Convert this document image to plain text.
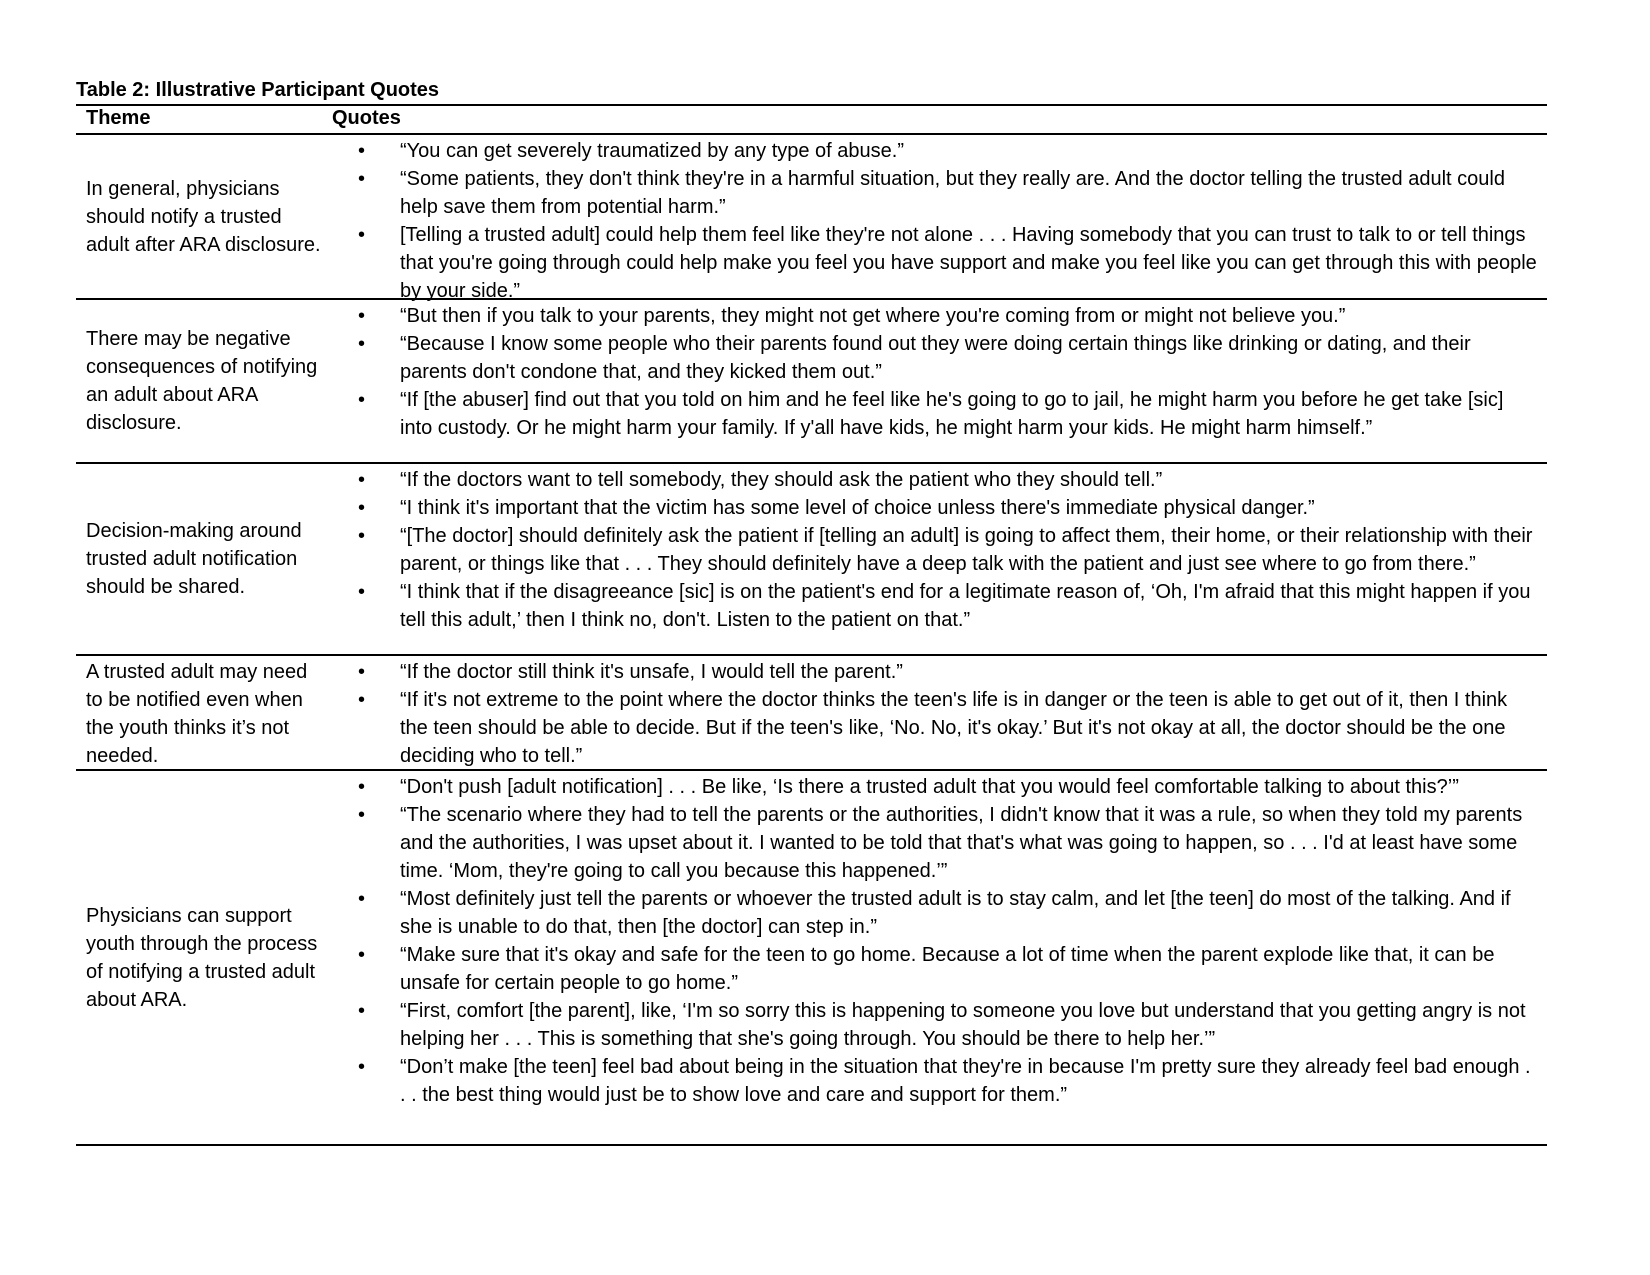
Table 2: Illustrative Participant Quotes
Theme	Quotes
In general, physicians should notify a trusted adult after ARA disclosure.
• “You can get severely traumatized by any type of abuse.”
• “Some patients, they don't think they're in a harmful situation, but they really are. And the doctor telling the trusted adult could help save them from potential harm.”
• [Telling a trusted adult] could help them feel like they're not alone . . . Having somebody that you can trust to talk to or tell things that you're going through could help make you feel you have support and make you feel like you can get through this with people by your side.”
There may be negative consequences of notifying an adult about ARA disclosure.
• “But then if you talk to your parents, they might not get where you're coming from or might not believe you.”
• “Because I know some people who their parents found out they were doing certain things like drinking or dating, and their parents don't condone that, and they kicked them out.”
• “If [the abuser] find out that you told on him and he feel like he's going to go to jail, he might harm you before he get take [sic] into custody. Or he might harm your family. If y'all have kids, he might harm your kids. He might harm himself.”
Decision-making around trusted adult notification should be shared.
• “If the doctors want to tell somebody, they should ask the patient who they should tell.”
• “I think it's important that the victim has some level of choice unless there's immediate physical danger.”
• “[The doctor] should definitely ask the patient if [telling an adult] is going to affect them, their home, or their relationship with their parent, or things like that . . . They should definitely have a deep talk with the patient and just see where to go from there.”
• “I think that if the disagreeance [sic] is on the patient's end for a legitimate reason of, ‘Oh, I'm afraid that this might happen if you tell this adult,’ then I think no, don't. Listen to the patient on that.”
A trusted adult may need to be notified even when the youth thinks it’s not needed.
• “If the doctor still think it's unsafe, I would tell the parent.”
• “If it's not extreme to the point where the doctor thinks the teen's life is in danger or the teen is able to get out of it, then I think the teen should be able to decide. But if the teen's like, ‘No. No, it's okay.’ But it's not okay at all, the doctor should be the one deciding who to tell.”
Physicians can support youth through the process of notifying a trusted adult about ARA.
• “Don't push [adult notification] . . . Be like, ‘Is there a trusted adult that you would feel comfortable talking to about this?’”
• “The scenario where they had to tell the parents or the authorities, I didn't know that it was a rule, so when they told my parents and the authorities, I was upset about it. I wanted to be told that that's what was going to happen, so . . . I'd at least have some time. ‘Mom, they're going to call you because this happened.’”
• “Most definitely just tell the parents or whoever the trusted adult is to stay calm, and let [the teen] do most of the talking. And if she is unable to do that, then [the doctor] can step in.”
• “Make sure that it's okay and safe for the teen to go home. Because a lot of time when the parent explode like that, it can be unsafe for certain people to go home.”
• “First, comfort [the parent], like, ‘I'm so sorry this is happening to someone you love but understand that you getting angry is not helping her . . . This is something that she's going through. You should be there to help her.’”
• “Don’t make [the teen] feel bad about being in the situation that they're in because I'm pretty sure they already feel bad enough . . . the best thing would just be to show love and care and support for them.”
